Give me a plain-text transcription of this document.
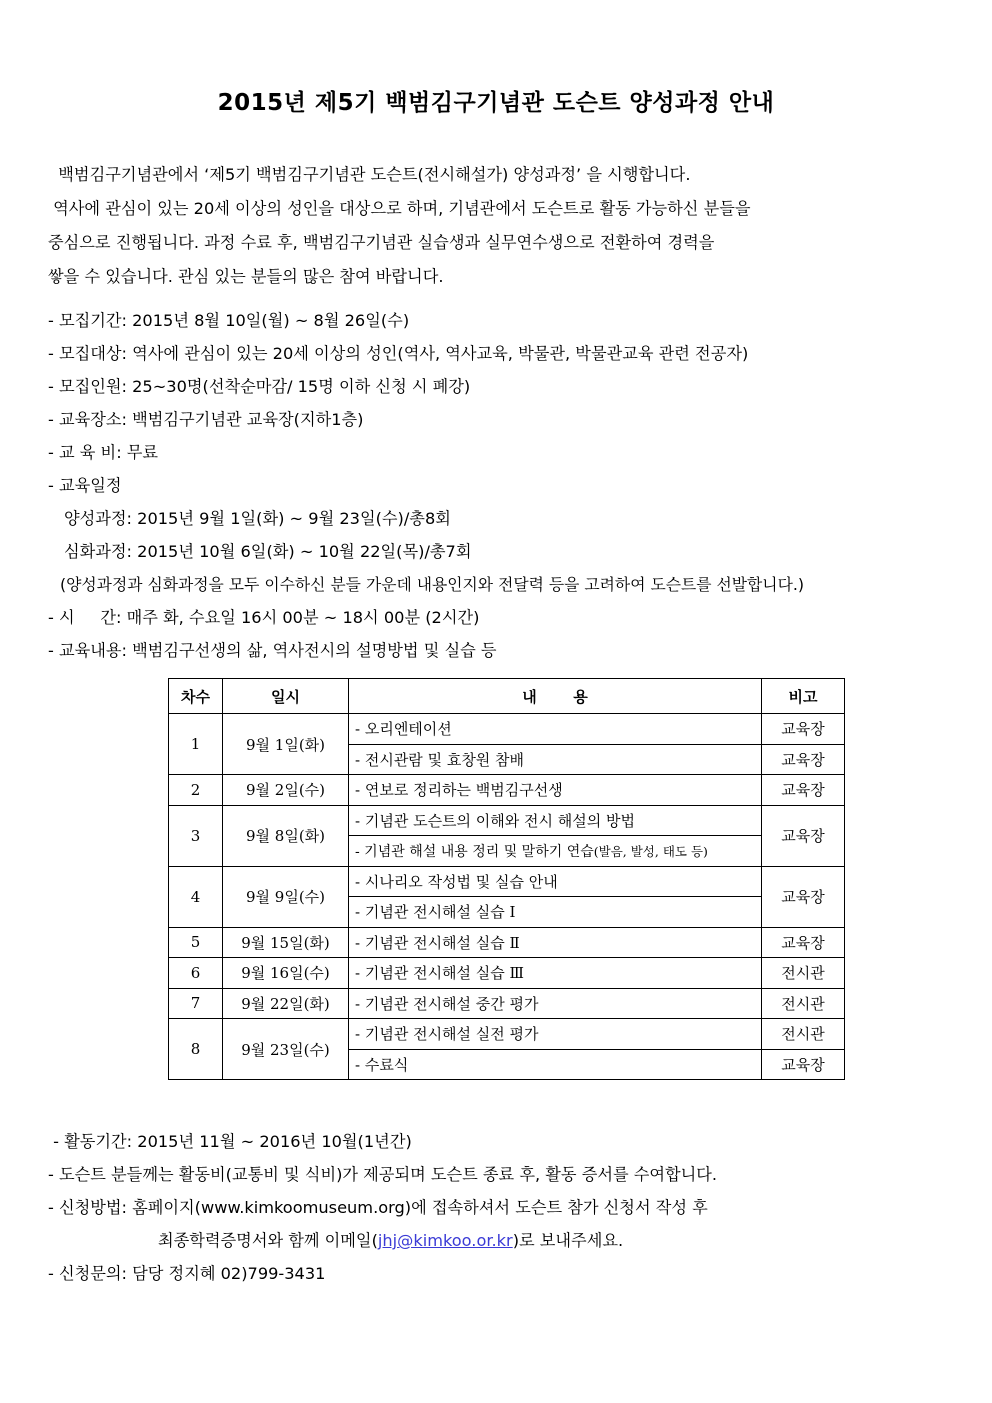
2015년 제5기 백범김구기념관 도슨트 양성과정 안내

백범김구기념관에서 ‘제5기 백범김구기념관 도슨트(전시해설가) 양성과정’ 을 시행합니다.

역사에 관심이 있는 20세 이상의 성인을 대상으로 하며, 기념관에서 도슨트로 활동 가능하신 분들을

중심으로 진행됩니다. 과정 수료 후, 백범김구기념관 실습생과 실무연수생으로 전환하여 경력을

쌓을 수 있습니다. 관심 있는 분들의 많은 참여 바랍니다.

- 모집기간: 2015년 8월 10일(월) ~ 8월 26일(수)
- 모집대상: 역사에 관심이 있는 20세 이상의 성인(역사, 역사교육, 박물관, 박물관교육 관련 전공자)
- 모집인원: 25~30명(선착순마감/ 15명 이하 신청 시 폐강)
- 교육장소: 백범김구기념관 교육장(지하1층)
- 교 육 비: 무료
- 교육일정
양성과정: 2015년 9월 1일(화) ~ 9월 23일(수)/총8회
심화과정: 2015년 10월 6일(화) ~ 10월 22일(목)/총7회
(양성과정과 심화과정을 모두 이수하신 분들 가운데 내용인지와 전달력 등을 고려하여 도슨트를 선발합니다.)
- 시     간: 매주 화, 수요일 16시 00분 ~ 18시 00분 (2시간)
- 교육내용: 백범김구선생의 삶, 역사전시의 설명방법 및 실습 등
차수	일시	내       용	비고
1	9월 1일(화)	- 오리엔테이션	교육장
		- 전시관람 및 효창원 참배	교육장
2	9월 2일(수)	- 연보로 정리하는 백범김구선생	교육장
3	9월 8일(화)	- 기념관 도슨트의 이해와 전시 해설의 방법	교육장
		- 기념관 해설 내용 정리 및 말하기 연습(발음, 발성, 태도 등)	
4	9월 9일(수)	- 시나리오 작성법 및 실습 안내	교육장
		- 기념관 전시해설 실습 Ⅰ	
5	9월 15일(화)	- 기념관 전시해설 실습 Ⅱ	교육장
6	9월 16일(수)	- 기념관 전시해설 실습 Ⅲ	전시관
7	9월 22일(화)	- 기념관 전시해설 중간 평가	전시관
8	9월 23일(수)	- 기념관 전시해설 실전 평가	전시관
		- 수료식	교육장
- 활동기간: 2015년 11월 ~ 2016년 10월(1년간)
- 도슨트 분들께는 활동비(교통비 및 식비)가 제공되며 도슨트 종료 후, 활동 증서를 수여합니다.
- 신청방법: 홈페이지(www.kimkoomuseum.org)에 접속하셔서 도슨트 참가 신청서 작성 후
최종학력증명서와 함께 이메일(jhj@kimkoo.or.kr)로 보내주세요.
- 신청문의: 담당 정지혜 02)799-3431
